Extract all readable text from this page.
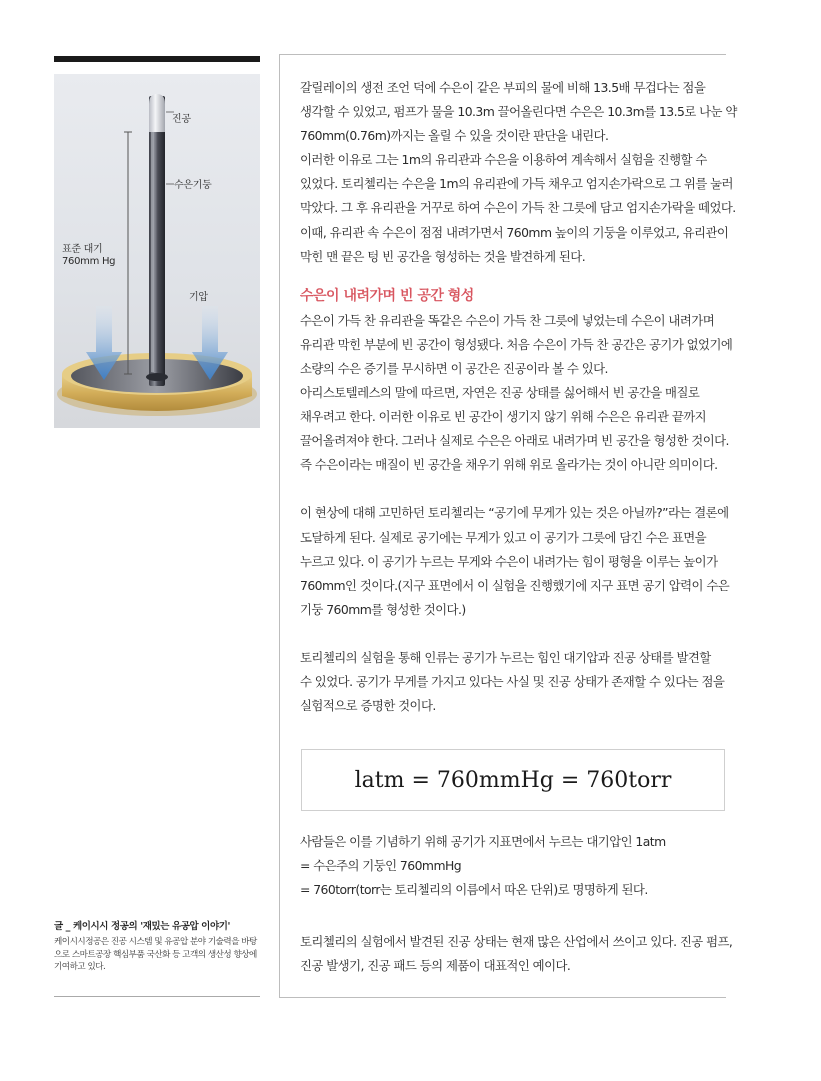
진공
수은기둥
표준 대기
760mm Hg
기압

글 _ 케이시시 정공의 '재밌는 유공압 이야기'

케이시시정공은 진공 시스템 및 유공압 분야 기술력을 바탕으로 스마트공장 핵심부품 국산화 등 고객의 생산성 향상에 기여하고 있다.

갈릴레이의 생전 조언 덕에 수은이 같은 부피의 물에 비해 13.5배 무겁다는 점을

생각할 수 있었고, 펌프가 물을 10.3m 끌어올린다면 수은은 10.3m를 13.5로 나눈 약

760mm(0.76m)까지는 올릴 수 있을 것이란 판단을 내린다.

이러한 이유로 그는 1m의 유리관과 수은을 이용하여 계속해서 실험을 진행할 수

있었다. 토리첼리는 수은을 1m의 유리관에 가득 채우고 엄지손가락으로 그 위를 눌러

막았다. 그 후 유리관을 거꾸로 하여 수은이 가득 찬 그릇에 담고 엄지손가락을 떼었다.

이때, 유리관 속 수은이 점점 내려가면서 760mm 높이의 기둥을 이루었고, 유리관이

막힌 맨 끝은 텅 빈 공간을 형성하는 것을 발견하게 된다.

수은이 내려가며 빈 공간 형성

수은이 가득 찬 유리관을 똑같은 수은이 가득 찬 그릇에 넣었는데 수은이 내려가며

유리관 막힌 부분에 빈 공간이 형성됐다. 처음 수은이 가득 찬 공간은 공기가 없었기에

소량의 수은 증기를 무시하면 이 공간은 진공이라 볼 수 있다.

아리스토텔레스의 말에 따르면, 자연은 진공 상태를 싫어해서 빈 공간을 매질로

채우려고 한다. 이러한 이유로 빈 공간이 생기지 않기 위해 수은은 유리관 끝까지

끌어올려져야 한다. 그러나 실제로 수은은 아래로 내려가며 빈 공간을 형성한 것이다.

즉 수은이라는 매질이 빈 공간을 채우기 위해 위로 올라가는 것이 아니란 의미이다.

이 현상에 대해 고민하던 토리첼리는 “공기에 무게가 있는 것은 아닐까?”라는 결론에

도달하게 된다. 실제로 공기에는 무게가 있고 이 공기가 그릇에 담긴 수은 표면을

누르고 있다. 이 공기가 누르는 무게와 수은이 내려가는 힘이 평형을 이루는 높이가

760mm인 것이다.(지구 표면에서 이 실험을 진행했기에 지구 표면 공기 압력이 수은

기둥 760mm를 형성한 것이다.)

토리첼리의 실험을 통해 인류는 공기가 누르는 힘인 대기압과 진공 상태를 발견할

수 있었다. 공기가 무게를 가지고 있다는 사실 및 진공 상태가 존재할 수 있다는 점을

실험적으로 증명한 것이다.

latm = 760mmHg = 760torr

사람들은 이를 기념하기 위해 공기가 지표면에서 누르는 대기압인 1atm

= 수은주의 기둥인 760mmHg

= 760torr(torr는 토리첼리의 이름에서 따온 단위)로 명명하게 된다.

토리첼리의 실험에서 발견된 진공 상태는 현재 많은 산업에서 쓰이고 있다. 진공 펌프,

진공 발생기, 진공 패드 등의 제품이 대표적인 예이다.
